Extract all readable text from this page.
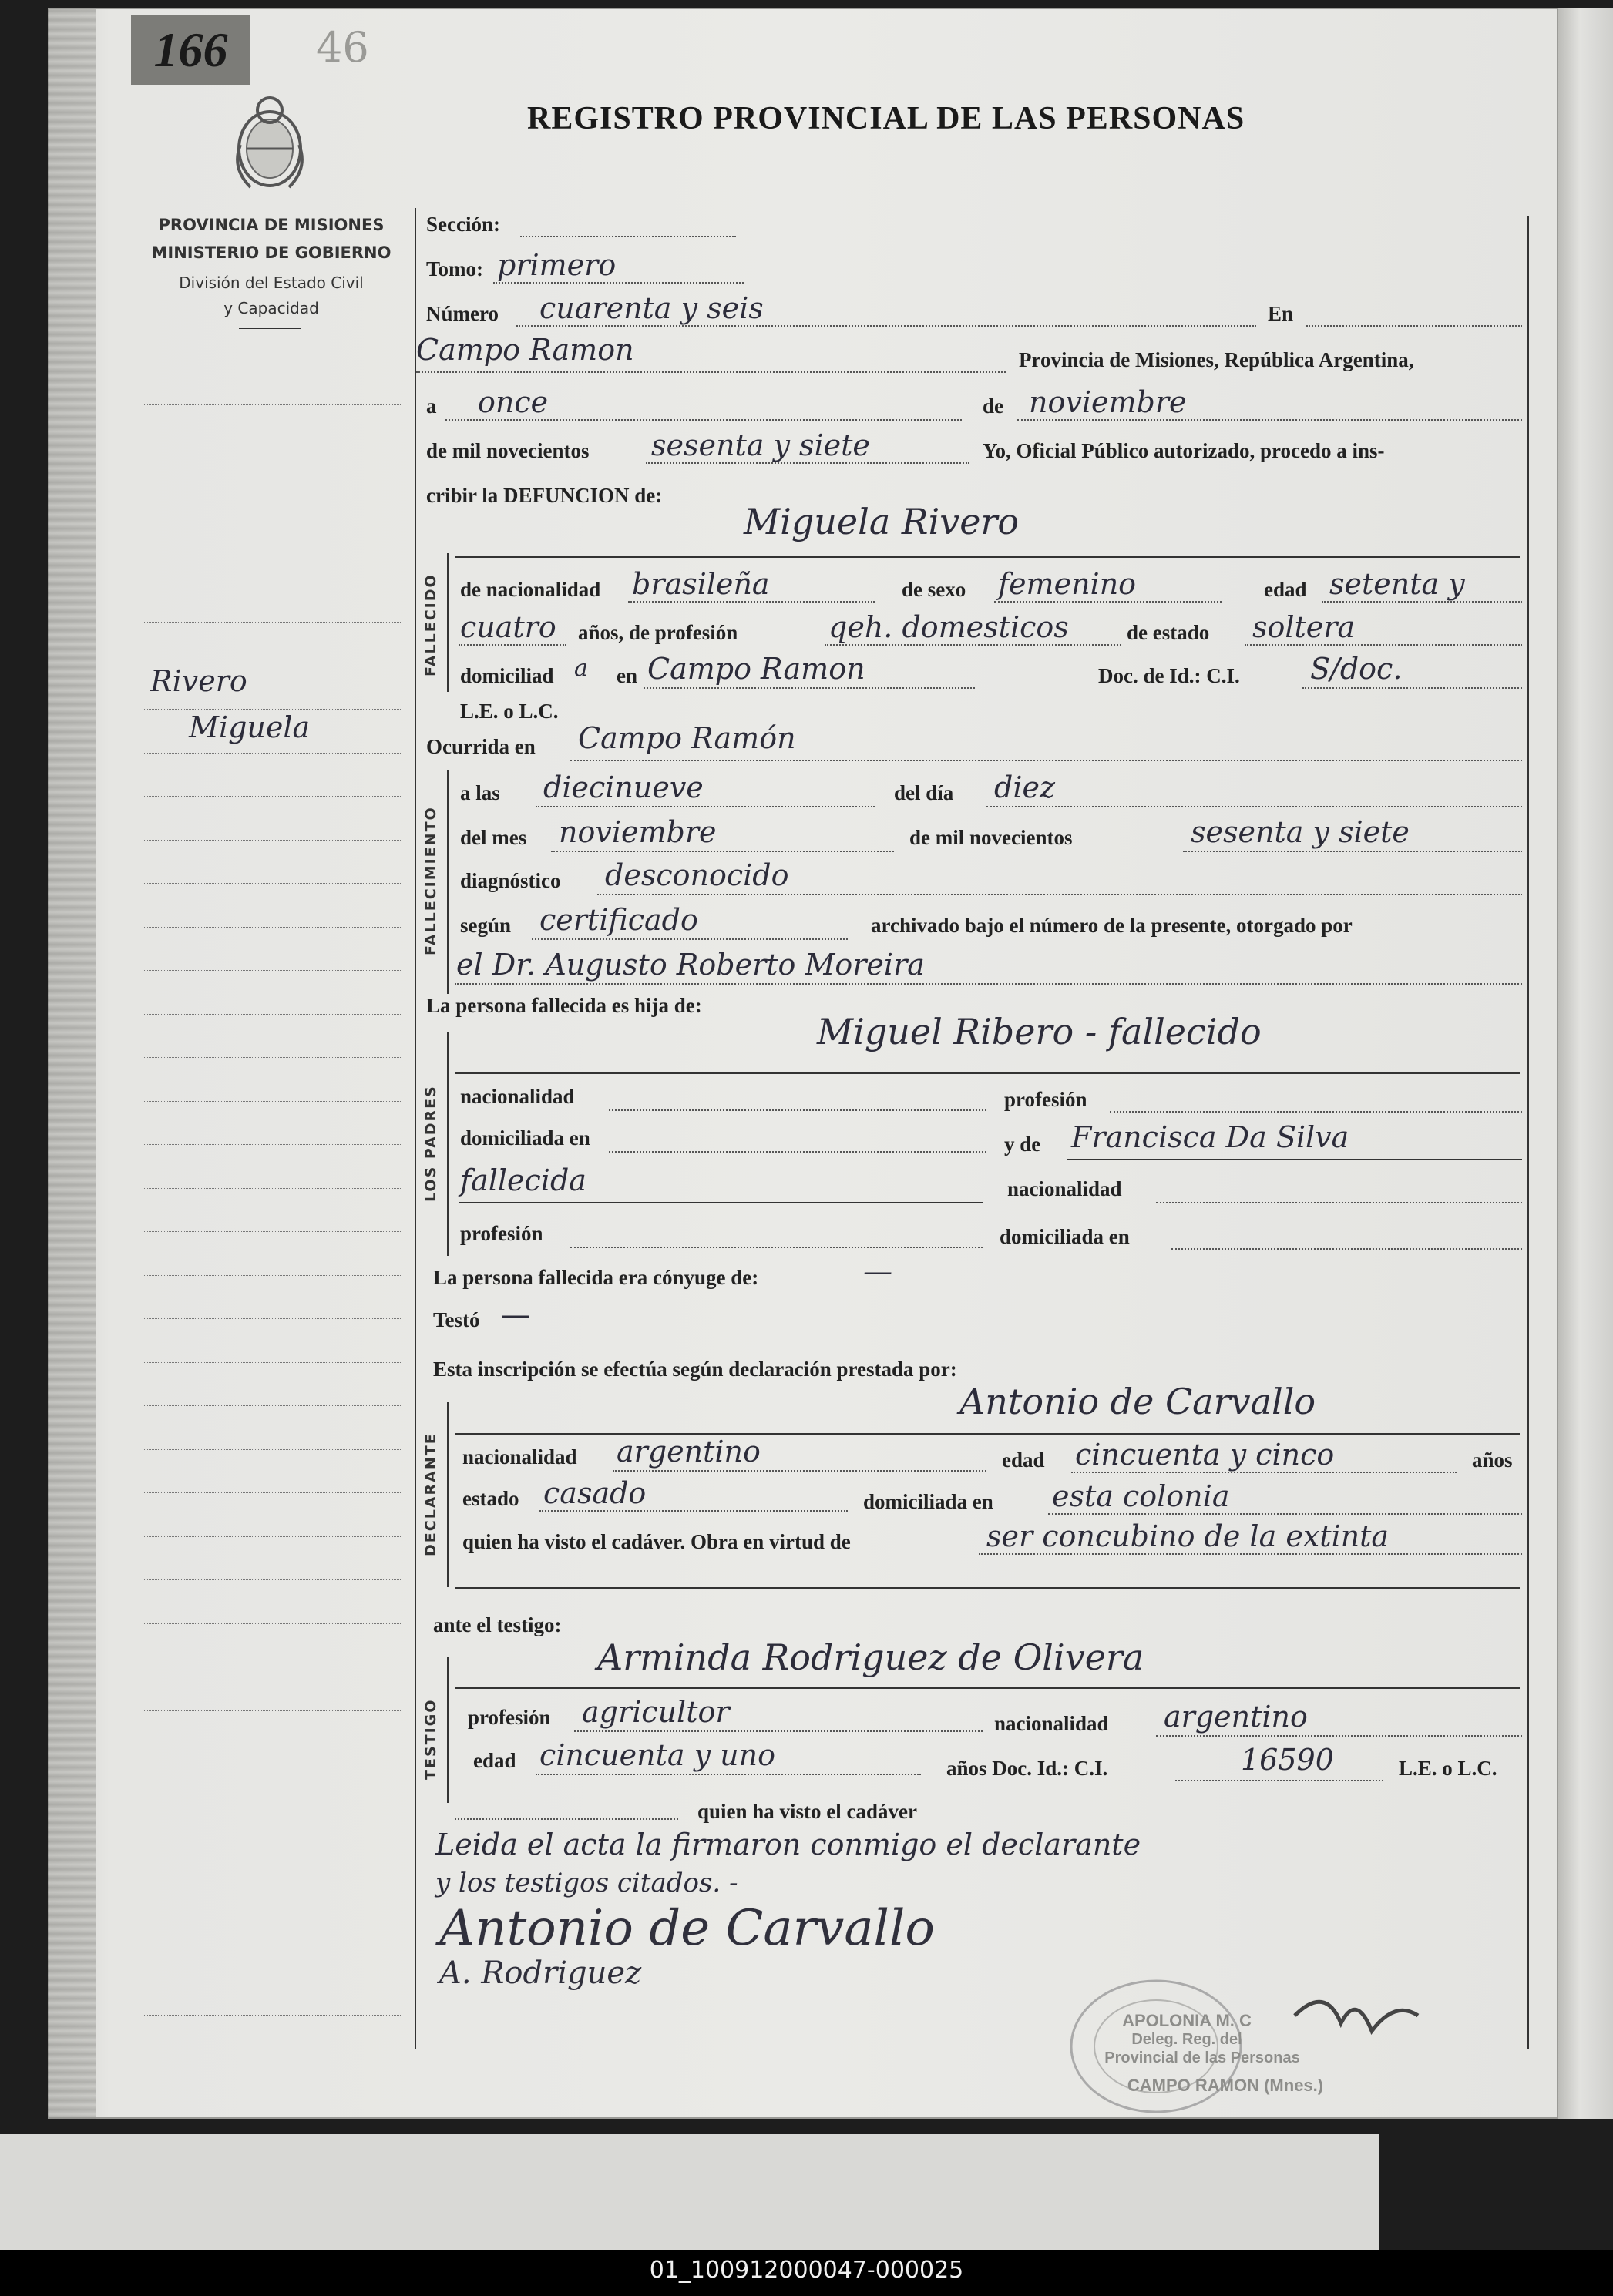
166	46
REGISTRO PROVINCIAL DE LAS PERSONAS
PROVINCIA DE MISIONES
MINISTERIO DE GOBIERNO
División del Estado Civil
y Capacidad
Rivero
Miguela
Sección:
Tomo: primero
Número cuarenta y seis	En
Campo Ramon	Provincia de Misiones, República Argentina,
a once	de noviembre
de mil novecientos sesenta y siete	Yo, Oficial Público autorizado, procedo a ins-
cribir la DEFUNCION de:
FALLECIDO
Miguela Rivero
de nacionalidad brasileña	de sexo femenino	edad setenta y
cuatro años, de profesión	qeh. domesticos	de estado soltera
domiciliad a en Campo Ramon	Doc. de Id.: C.I. S/doc.
L.E. o L.C.
Ocurrida en Campo Ramón
FALLECIMIENTO
a las diecinueve	del día diez
del mes noviembre	de mil novecientos	sesenta y siete
diagnóstico desconocido
según certificado	archivado bajo el número de la presente, otorgado por
el Dr. Augusto Roberto Moreira
La persona fallecida es hija de:
LOS PADRES
Miguel Ribero - fallecido
nacionalidad	profesión
domiciliada en	y de Francisca Da Silva
fallecida	nacionalidad
profesión	domiciliada en
La persona fallecida era cónyuge de:	—
Testó —
Esta inscripción se efectúa según declaración prestada por:
DECLARANTE
Antonio de Carvallo
nacionalidad argentino	edad cincuenta y cinco	años
estado casado	domiciliada en esta colonia
quien ha visto el cadáver. Obra en virtud de	ser concubino de la extinta
ante el testigo:
TESTIGO
Arminda Rodriguez de Olivera
profesión agricultor	nacionalidad argentino
edad cincuenta y uno	años Doc. Id.: C.I.	16590	L.E. o L.C.
quien ha visto el cadáver
Leida el acta la firmaron conmigo el declarante
y los testigos citados. -
Antonio de Carvallo
A. Rodriguez
APOLONIA M. C
Deleg. Reg. del
Provincial de las Personas
CAMPO RAMON (Mnes.)
01_100912000047-000025
